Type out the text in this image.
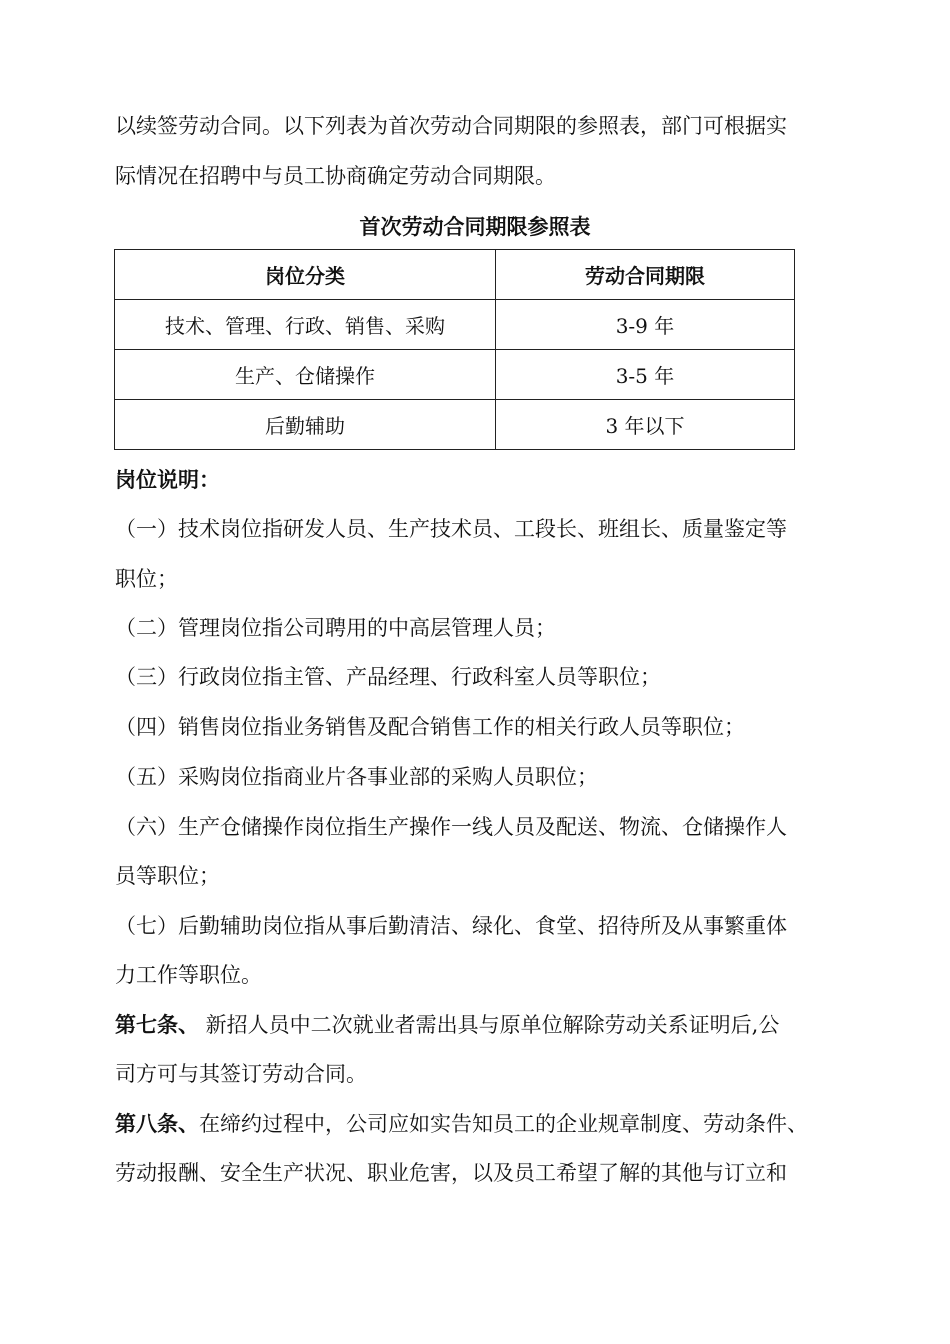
以续签劳动合同。以下列表为首次劳动合同期限的参照表，部门可根据实
际情况在招聘中与员工协商确定劳动合同期限。
首次劳动合同期限参照表
岗位分类	劳动合同期限
技术、管理、行政、销售、采购	3-9 年
生产、仓储操作	3-5 年
后勤辅助	3 年以下
岗位说明：
（一）技术岗位指研发人员、生产技术员、工段长、班组长、质量鉴定等
职位；
（二）管理岗位指公司聘用的中高层管理人员；
（三）行政岗位指主管、产品经理、行政科室人员等职位；
（四）销售岗位指业务销售及配合销售工作的相关行政人员等职位；
（五）采购岗位指商业片各事业部的采购人员职位；
（六）生产仓储操作岗位指生产操作一线人员及配送、物流、仓储操作人
员等职位；
（七）后勤辅助岗位指从事后勤清洁、绿化、食堂、招待所及从事繁重体
力工作等职位。
第七条、 新招人员中二次就业者需出具与原单位解除劳动关系证明后,公
司方可与其签订劳动合同。
第八条、在缔约过程中，公司应如实告知员工的企业规章制度、劳动条件、
劳动报酬、安全生产状况、职业危害，以及员工希望了解的其他与订立和
